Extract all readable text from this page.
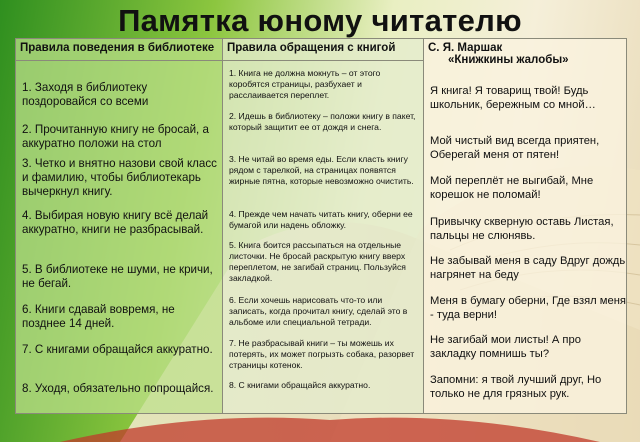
Памятка юному читателю
Правила поведения в библиотеке
1. Заходя в библиотеку поздоровайся со всеми
2. Прочитанную книгу не бросай, а аккуратно положи на стол
3. Четко и внятно назови свой класс и фамилию, чтобы библиотекарь вычеркнул книгу.
4. Выбирая новую книгу всё делай аккуратно, книги не разбрасывай.
5. В библиотеке не шуми, не кричи, не бегай.
6. Книги сдавай вовремя, не позднее 14 дней.
7. С книгами обращайся аккуратно.
8. Уходя, обязательно попрощайся.
Правила обращения с книгой
1. Книга не должна мокнуть – от этого коробятся страницы, разбухает и расслаивается переплет.
2. Идешь в библиотеку – положи книгу в пакет, который защитит ее от дождя и снега.
3. Не читай во время еды. Если класть книгу рядом с тарелкой, на страницах появятся жирные пятна, которые невозможно очистить.
4. Прежде чем начать читать книгу, оберни ее бумагой или надень обложку.
5. Книга боится рассыпаться на отдельные листочки. Не бросай раскрытую книгу вверх переплетом, не загибай страниц. Пользуйся закладкой.
6. Если хочешь нарисовать что-то или записать, когда прочитал книгу, сделай это в альбоме или специальной тетради.
7. Не разбрасывай книги – ты можешь их потерять, их может погрызть собака, разорвет страницы котенок.
8. С книгами обращайся аккуратно.
С. Я. Маршак
«Книжкины жалобы»
Я книга! Я товарищ твой! Будь школьник, бережным со мной…
Мой чистый вид всегда приятен, Оберегай меня от пятен!
Мой переплёт не выгибай, Мне корешок не поломай!
Привычку скверную оставь Листая, пальцы не слюнявь.
Не забывай меня в саду Вдруг дождь нагрянет на беду
Меня в бумагу оберни, Где взял меня - туда верни!
Не загибай мои листы! А про закладку помнишь ты?
Запомни: я твой лучший друг, Но только не для грязных рук.
